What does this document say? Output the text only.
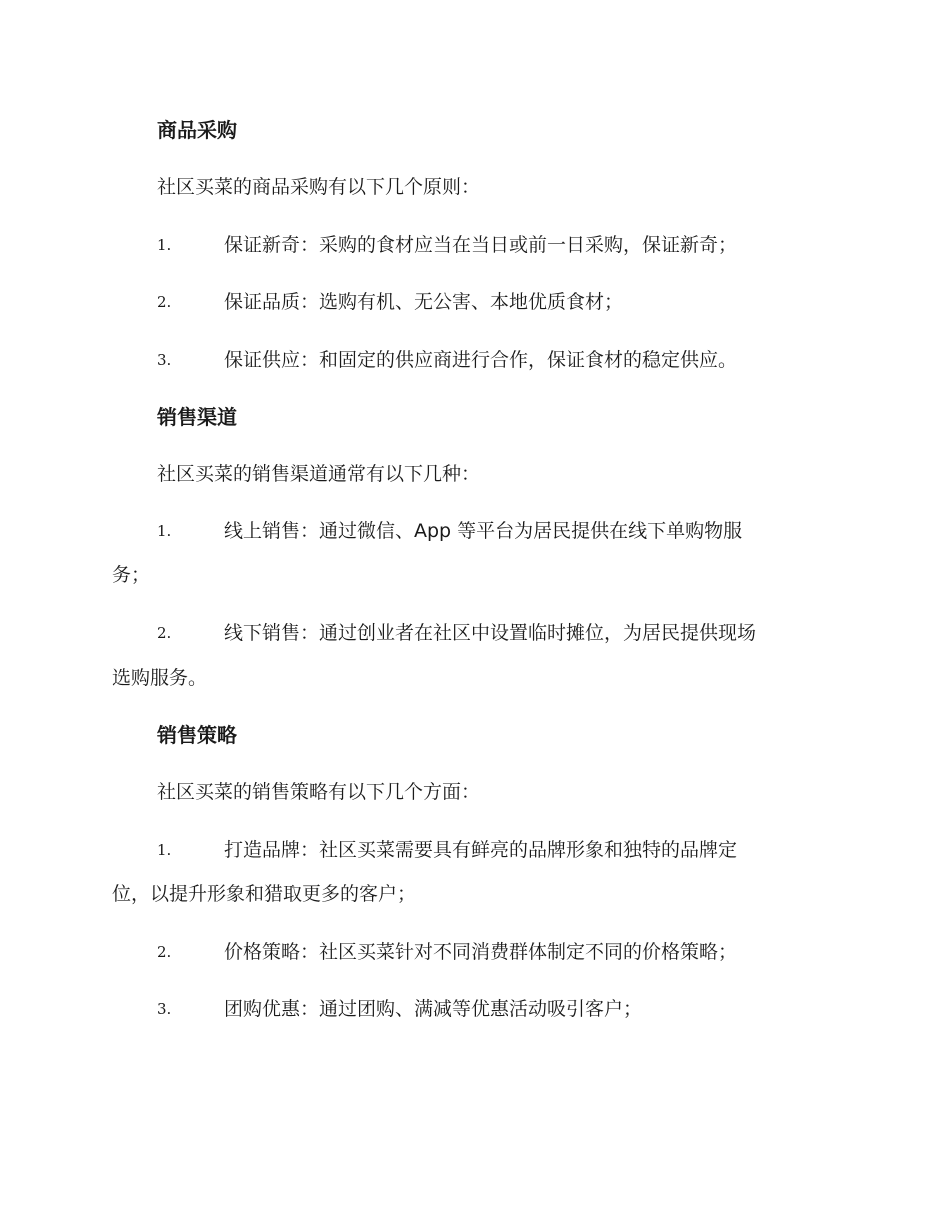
商品采购
社区买菜的商品采购有以下几个原则：
1.	保证新奇：采购的食材应当在当日或前一日采购，保证新奇；
2.	保证品质：选购有机、无公害、本地优质食材；
3.	保证供应：和固定的供应商进行合作，保证食材的稳定供应。
销售渠道
社区买菜的销售渠道通常有以下几种：
1.	线上销售：通过微信、App 等平台为居民提供在线下单购物服
务；
2.	线下销售：通过创业者在社区中设置临时摊位，为居民提供现场
选购服务。
销售策略
社区买菜的销售策略有以下几个方面：
1.	打造品牌：社区买菜需要具有鲜亮的品牌形象和独特的品牌定
位，以提升形象和猎取更多的客户；
2.	价格策略：社区买菜针对不同消费群体制定不同的价格策略；
3.	团购优惠：通过团购、满减等优惠活动吸引客户；
